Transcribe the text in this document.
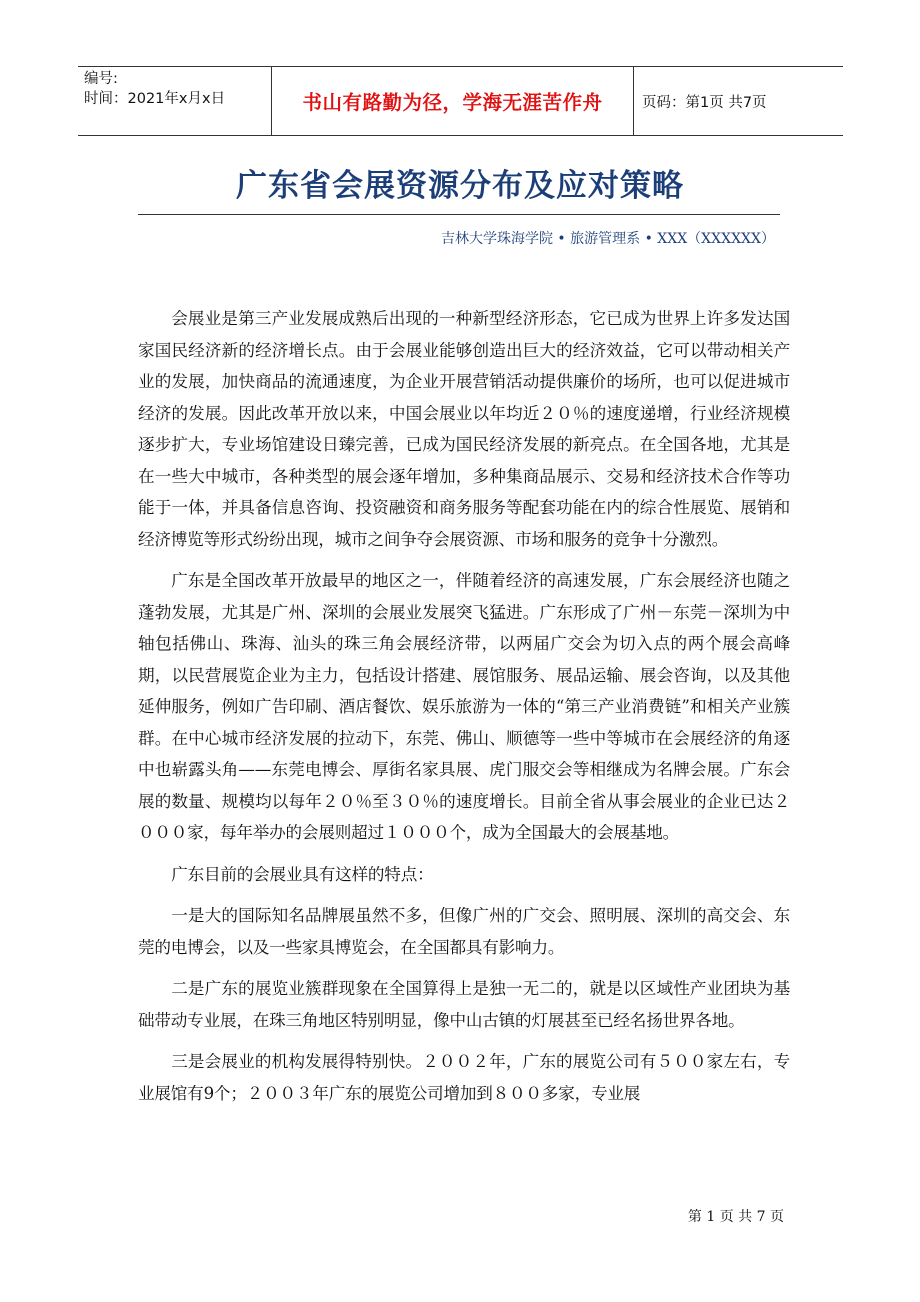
编号:
时间：2021年x月x日	书山有路勤为径，学海无涯苦作舟	页码：第1页 共7页
广东省会展资源分布及应对策略
吉林大学珠海学院 • 旅游管理系 • XXX（XXXXXX）

会展业是第三产业发展成熟后出现的一种新型经济形态，它已成为世界上许多发达国家国民经济新的经济增长点。由于会展业能够创造出巨大的经济效益，它可以带动相关产业的发展，加快商品的流通速度，为企业开展营销活动提供廉价的场所，也可以促进城市经济的发展。因此改革开放以来，中国会展业以年均近２０％的速度递增，行业经济规模逐步扩大，专业场馆建设日臻完善，已成为国民经济发展的新亮点。在全国各地，尤其是在一些大中城市，各种类型的展会逐年增加，多种集商品展示、交易和经济技术合作等功能于一体，并具备信息咨询、投资融资和商务服务等配套功能在内的综合性展览、展销和经济博览等形式纷纷出现，城市之间争夺会展资源、市场和服务的竞争十分激烈。

广东是全国改革开放最早的地区之一，伴随着经济的高速发展，广东会展经济也随之蓬勃发展，尤其是广州、深圳的会展业发展突飞猛进。广东形成了广州－东莞－深圳为中轴包括佛山、珠海、汕头的珠三角会展经济带，以两届广交会为切入点的两个展会高峰期，以民营展览企业为主力，包括设计搭建、展馆服务、展品运输、展会咨询，以及其他延伸服务，例如广告印刷、酒店餐饮、娱乐旅游为一体的“第三产业消费链”和相关产业簇群。在中心城市经济发展的拉动下，东莞、佛山、顺德等一些中等城市在会展经济的角逐中也崭露头角——东莞电博会、厚街名家具展、虎门服交会等相继成为名牌会展。广东会展的数量、规模均以每年２０％至３０％的速度增长。目前全省从事会展业的企业已达２０００家，每年举办的会展则超过１０００个，成为全国最大的会展基地。

广东目前的会展业具有这样的特点：

一是大的国际知名品牌展虽然不多，但像广州的广交会、照明展、深圳的高交会、东莞的电博会，以及一些家具博览会，在全国都具有影响力。

二是广东的展览业簇群现象在全国算得上是独一无二的，就是以区域性产业团块为基础带动专业展，在珠三角地区特别明显，像中山古镇的灯展甚至已经名扬世界各地。

三是会展业的机构发展得特别快。２００２年，广东的展览公司有５００家左右，专业展馆有9个；２００３年广东的展览公司增加到８００多家，专业展

第 1 页 共 7 页
